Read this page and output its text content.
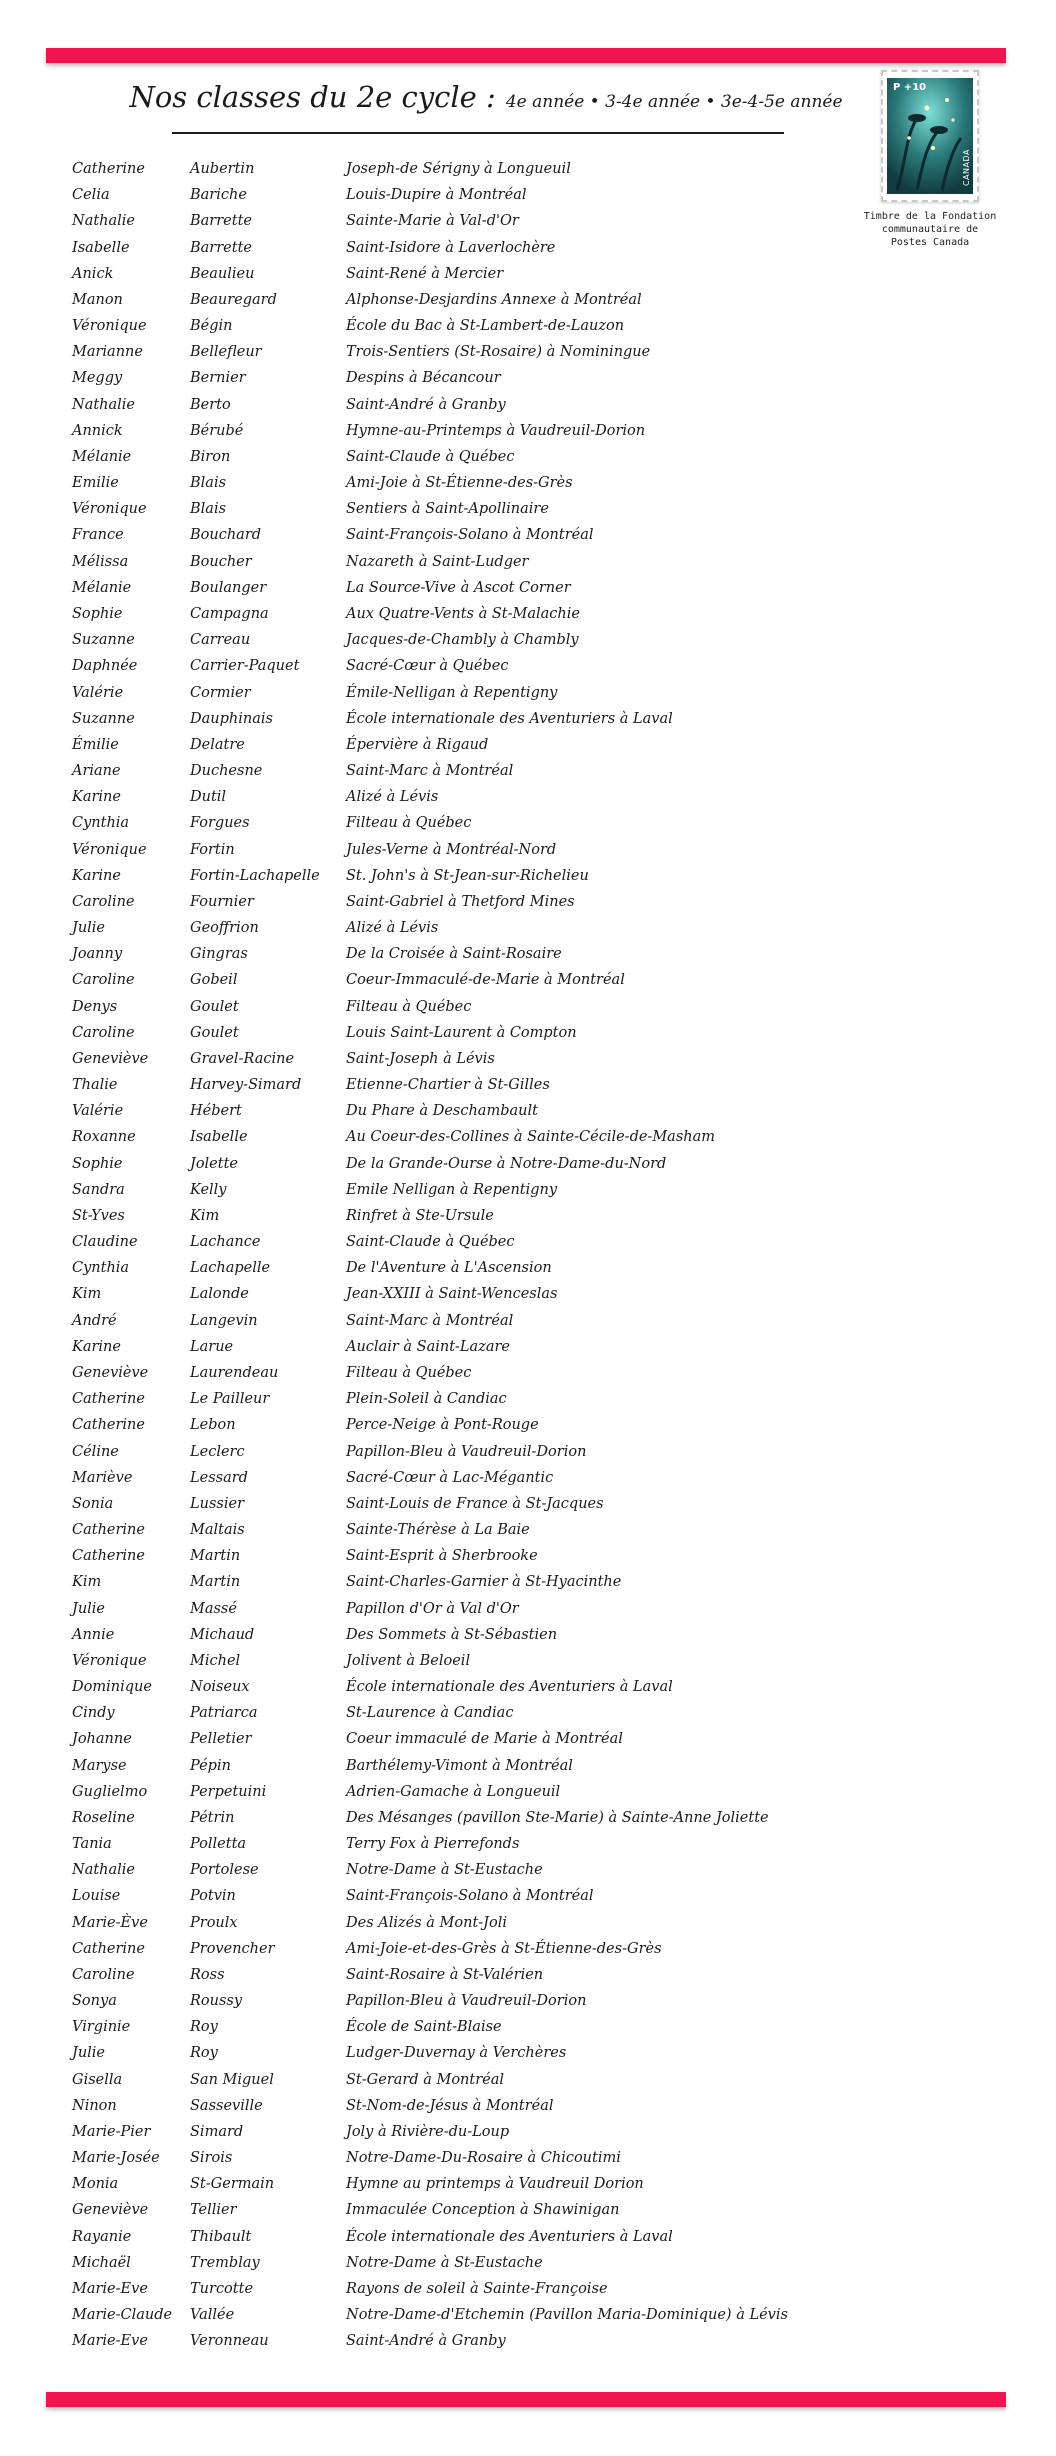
Nos classes du 2e cycle : 4e année • 3-4e année • 3e-4-5e année
P +10
CANADA
Timbre de la Fondation
communautaire de
Postes Canada
Catherine	Aubertin	Joseph-de Sérigny à Longueuil
Celia	Bariche	Louis-Dupire à Montréal
Nathalie	Barrette	Sainte-Marie à Val-d'Or
Isabelle	Barrette	Saint-Isidore à Laverlochère
Anick	Beaulieu	Saint-René à Mercier
Manon	Beauregard	Alphonse-Desjardins Annexe à Montréal
Véronique	Bégin	École du Bac à St-Lambert-de-Lauzon
Marianne	Bellefleur	Trois-Sentiers (St-Rosaire) à Nominingue
Meggy	Bernier	Despins à Bécancour
Nathalie	Berto	Saint-André à Granby
Annick	Bérubé	Hymne-au-Printemps à Vaudreuil-Dorion
Mélanie	Biron	Saint-Claude à Québec
Emilie	Blais	Ami-Joie à St-Étienne-des-Grès
Véronique	Blais	Sentiers à Saint-Apollinaire
France	Bouchard	Saint-François-Solano à Montréal
Mélissa	Boucher	Nazareth à Saint-Ludger
Mélanie	Boulanger	La Source-Vive à Ascot Corner
Sophie	Campagna	Aux Quatre-Vents à St-Malachie
Suzanne	Carreau	Jacques-de-Chambly à Chambly
Daphnée	Carrier-Paquet	Sacré-Cœur à Québec
Valérie	Cormier	Émile-Nelligan à Repentigny
Suzanne	Dauphinais	École internationale des Aventuriers à Laval
Émilie	Delatre	Épervière à Rigaud
Ariane	Duchesne	Saint-Marc à Montréal
Karine	Dutil	Alizé à Lévis
Cynthia	Forgues	Filteau à Québec
Véronique	Fortin	Jules-Verne à Montréal-Nord
Karine	Fortin-Lachapelle	St. John's à St-Jean-sur-Richelieu
Caroline	Fournier	Saint-Gabriel à Thetford Mines
Julie	Geoffrion	Alizé à Lévis
Joanny	Gingras	De la Croisée à Saint-Rosaire
Caroline	Gobeil	Coeur-Immaculé-de-Marie à Montréal
Denys	Goulet	Filteau à Québec
Caroline	Goulet	Louis Saint-Laurent à Compton
Geneviève	Gravel-Racine	Saint-Joseph à Lévis
Thalie	Harvey-Simard	Etienne-Chartier à St-Gilles
Valérie	Hébert	Du Phare à Deschambault
Roxanne	Isabelle	Au Coeur-des-Collines à Sainte-Cécile-de-Masham
Sophie	Jolette	De la Grande-Ourse à Notre-Dame-du-Nord
Sandra	Kelly	Emile Nelligan à Repentigny
St-Yves	Kim	Rinfret à Ste-Ursule
Claudine	Lachance	Saint-Claude à Québec
Cynthia	Lachapelle	De l'Aventure à L'Ascension
Kim	Lalonde	Jean-XXIII à Saint-Wenceslas
André	Langevin	Saint-Marc à Montréal
Karine	Larue	Auclair à Saint-Lazare
Geneviève	Laurendeau	Filteau à Québec
Catherine	Le Pailleur	Plein-Soleil à Candiac
Catherine	Lebon	Perce-Neige à Pont-Rouge
Céline	Leclerc	Papillon-Bleu à Vaudreuil-Dorion
Mariève	Lessard	Sacré-Cœur à Lac-Mégantic
Sonia	Lussier	Saint-Louis de France à St-Jacques
Catherine	Maltais	Sainte-Thérèse à La Baie
Catherine	Martin	Saint-Esprit à Sherbrooke
Kim	Martin	Saint-Charles-Garnier à St-Hyacinthe
Julie	Massé	Papillon d'Or à Val d'Or
Annie	Michaud	Des Sommets à St-Sébastien
Véronique	Michel	Jolivent à Beloeil
Dominique	Noiseux	École internationale des Aventuriers à Laval
Cindy	Patriarca	St-Laurence à Candiac
Johanne	Pelletier	Coeur immaculé de Marie à Montréal
Maryse	Pépin	Barthélemy-Vimont à Montréal
Guglielmo	Perpetuini	Adrien-Gamache à Longueuil
Roseline	Pétrin	Des Mésanges (pavillon Ste-Marie) à Sainte-Anne Joliette
Tania	Polletta	Terry Fox à Pierrefonds
Nathalie	Portolese	Notre-Dame à St-Eustache
Louise	Potvin	Saint-François-Solano à Montréal
Marie-Ève	Proulx	Des Alizés à Mont-Joli
Catherine	Provencher	Ami-Joie-et-des-Grès à St-Étienne-des-Grès
Caroline	Ross	Saint-Rosaire à St-Valérien
Sonya	Roussy	Papillon-Bleu à Vaudreuil-Dorion
Virginie	Roy	École de Saint-Blaise
Julie	Roy	Ludger-Duvernay à Verchères
Gisella	San Miguel	St-Gerard à Montréal
Ninon	Sasseville	St-Nom-de-Jésus à Montréal
Marie-Pier	Simard	Joly à Rivière-du-Loup
Marie-Josée	Sirois	Notre-Dame-Du-Rosaire à Chicoutimi
Monia	St-Germain	Hymne au printemps à Vaudreuil Dorion
Geneviève	Tellier	Immaculée Conception à Shawinigan
Rayanie	Thibault	École internationale des Aventuriers à Laval
Michaël	Tremblay	Notre-Dame à St-Eustache
Marie-Eve	Turcotte	Rayons de soleil à Sainte-Françoise
Marie-Claude	Vallée	Notre-Dame-d'Etchemin (Pavillon Maria-Dominique) à Lévis
Marie-Eve	Veronneau	Saint-André à Granby
